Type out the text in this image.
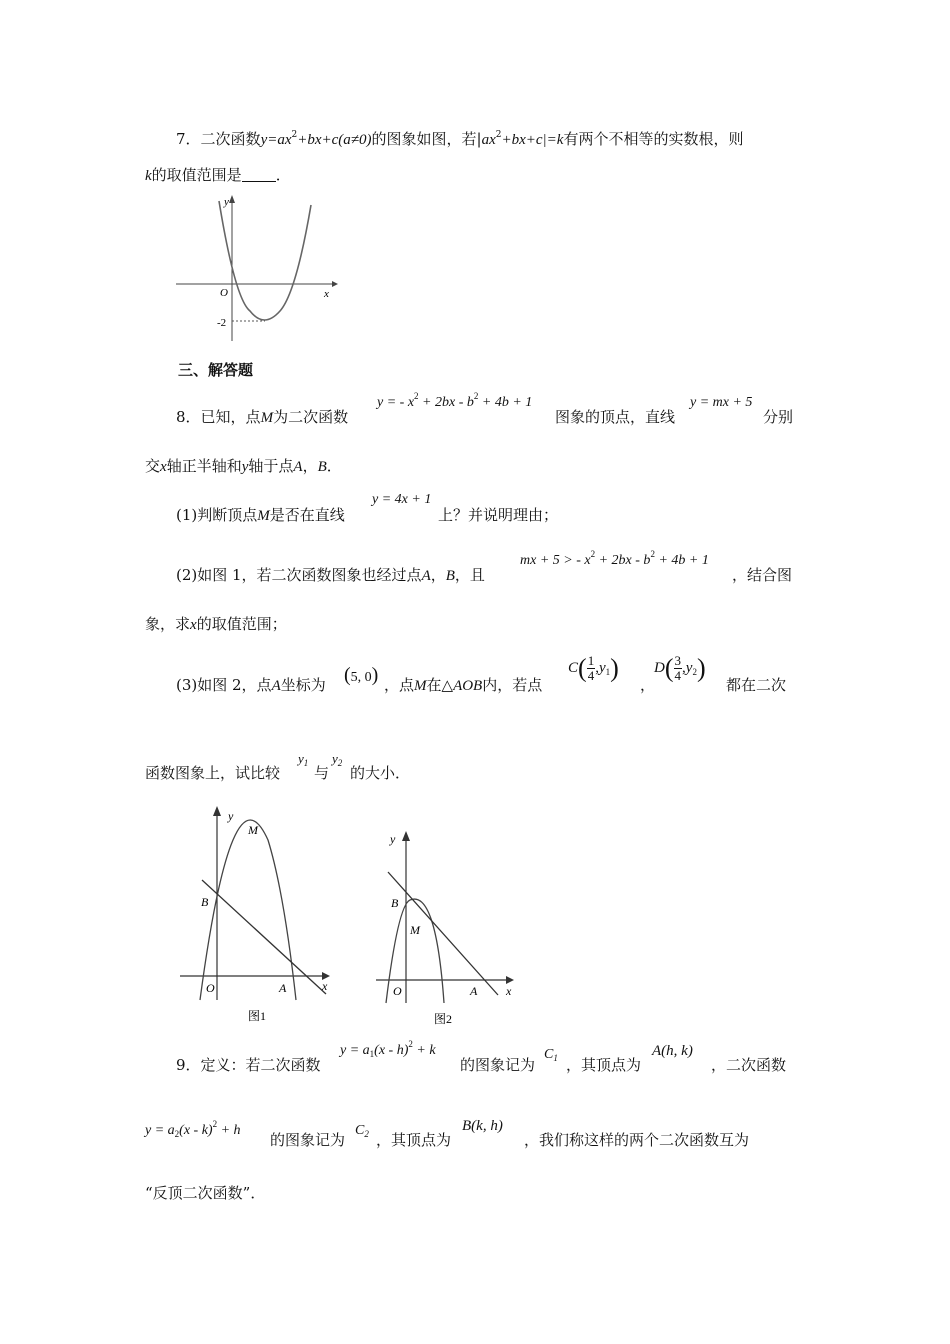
7．二次函数$y=ax^2+bx+c(a\ne 0)$的图象如图，若$|ax^2+bx+c|=k$有两个不相等的实数根，则
k的取值范围是 ．
y
x
O
-2
三、解答题
8．已知，点M为二次函数
y = - $x^2 + 2bx - b^2 + 4b + 1$
图象的顶点，直线
y = mx + 5
分别
交x轴正半轴和y轴于点A，B．
(1)判断顶点M是否在直线
y = 4x + 1
上？并说明理由；
(2)如图 1，若二次函数图象也经过点A，B，且
mx + 5 > - $x^2 + 2bx - b^2 + 4b + 1$
，结合图
象，求x的取值范围；
(3)如图 2，点A坐标为 (5, 0) ，点M在△AOB内，若点
$C( \frac{1}{4} ,y_1)$
，
$D( \frac{3}{4} ,y_2)$
都在二次
函数图象上，试比较
$y_1$
与
$y_2$
的大小．
y
x
O	A
B
M
图1
y
x
O	A
B
M
图2
9．定义：若二次函数
$y = a_1(x - h)^2 + k$
的图象记为
$C_1$ ，其顶点为
A(h, k)
，二次函数
$y = a_2(x - k)^2 + h$
的图象记为
$C_2$ ，其顶点为
B(k, h)
，我们称这样的两个二次函数互为
“反顶二次函数”．
